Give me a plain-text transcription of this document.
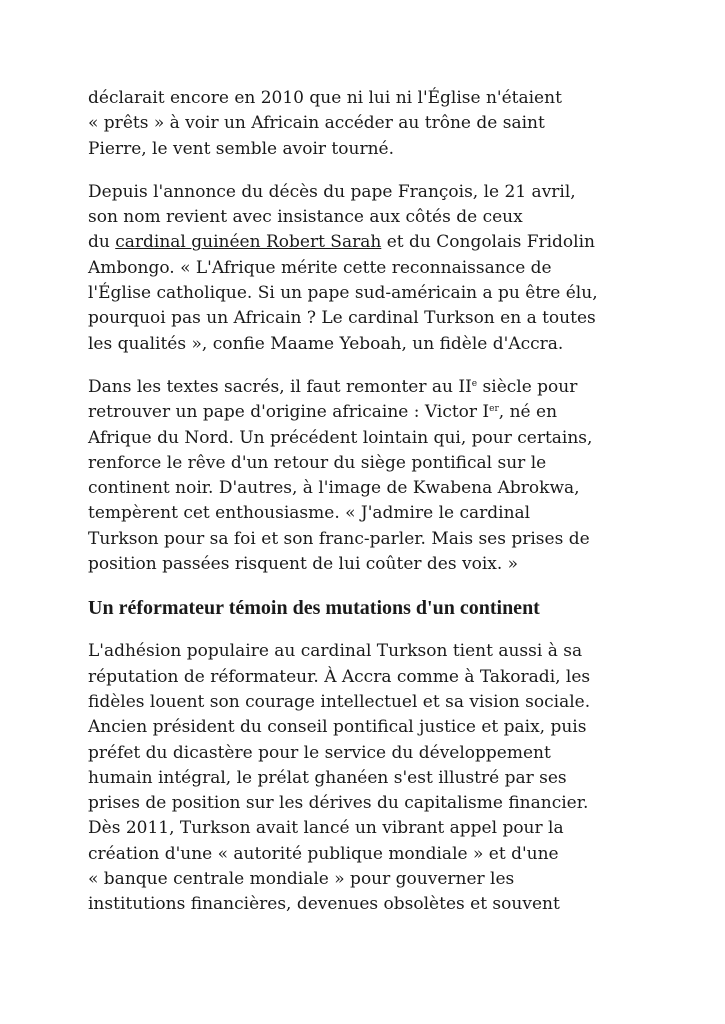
déclarait encore en 2010 que ni lui ni l'Église n'étaient
« prêts » à voir un Africain accéder au trône de saint
Pierre, le vent semble avoir tourné.

Depuis l'annonce du décès du pape François, le 21 avril,
son nom revient avec insistance aux côtés de ceux
du cardinal guinéen Robert Sarah et du Congolais Fridolin
Ambongo. « L'Afrique mérite cette reconnaissance de
l'Église catholique. Si un pape sud-américain a pu être élu,
pourquoi pas un Africain ? Le cardinal Turkson en a toutes
les qualités », confie Maame Yeboah, un fidèle d'Accra.

Dans les textes sacrés, il faut remonter au IIe siècle pour
retrouver un pape d'origine africaine : Victor Ier, né en
Afrique du Nord. Un précédent lointain qui, pour certains,
renforce le rêve d'un retour du siège pontifical sur le
continent noir. D'autres, à l'image de Kwabena Abrokwa,
tempèrent cet enthousiasme. « J'admire le cardinal
Turkson pour sa foi et son franc-parler. Mais ses prises de
position passées risquent de lui coûter des voix. »

Un réformateur témoin des mutations d'un continent

L'adhésion populaire au cardinal Turkson tient aussi à sa
réputation de réformateur. À Accra comme à Takoradi, les
fidèles louent son courage intellectuel et sa vision sociale.
Ancien président du conseil pontifical justice et paix, puis
préfet du dicastère pour le service du développement
humain intégral, le prélat ghanéen s'est illustré par ses
prises de position sur les dérives du capitalisme financier.
Dès 2011, Turkson avait lancé un vibrant appel pour la
création d'une « autorité publique mondiale » et d'une
« banque centrale mondiale » pour gouverner les
institutions financières, devenues obsolètes et souvent
